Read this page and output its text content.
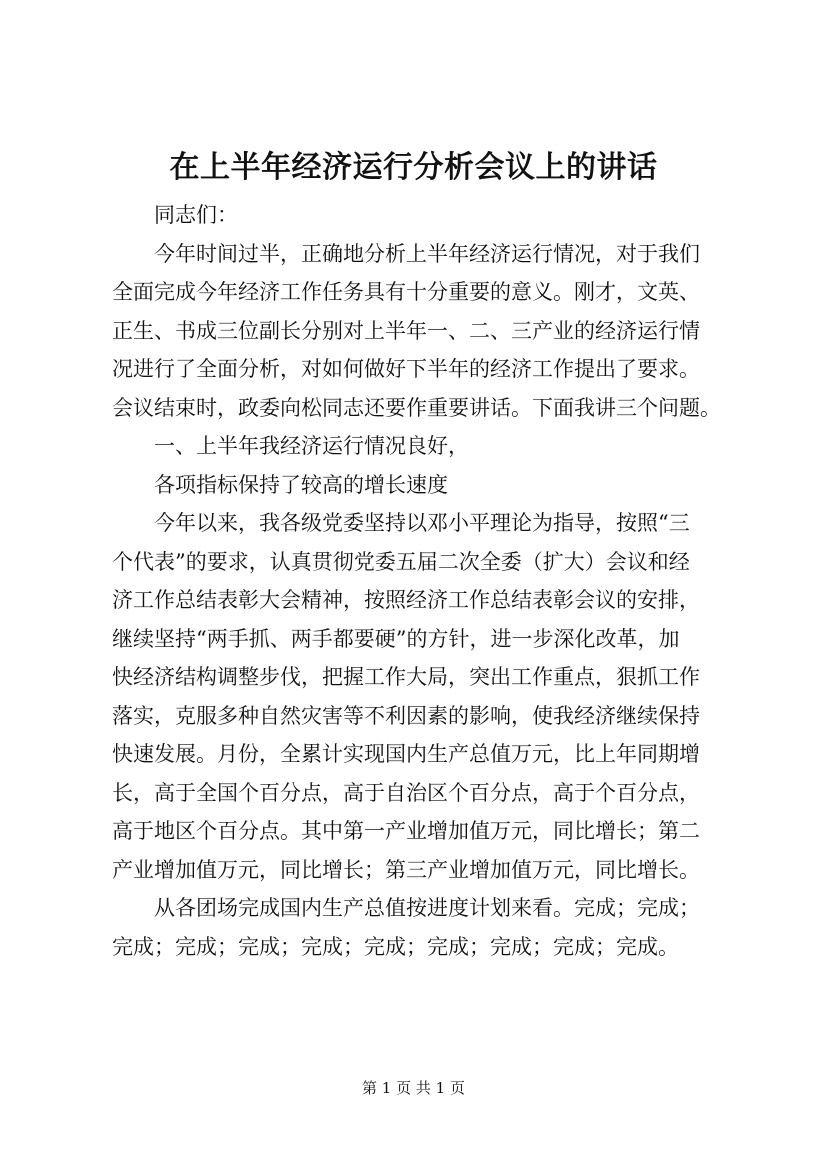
在上半年经济运行分析会议上的讲话
同志们：
今年时间过半，正确地分析上半年经济运行情况，对于我们
全面完成今年经济工作任务具有十分重要的意义。刚才，文英、
正生、书成三位副长分别对上半年一、二、三产业的经济运行情
况进行了全面分析，对如何做好下半年的经济工作提出了要求。
会议结束时，政委向松同志还要作重要讲话。下面我讲三个问题。
一、上半年我经济运行情况良好，
各项指标保持了较高的增长速度
今年以来，我各级党委坚持以邓小平理论为指导，按照“三
个代表”的要求，认真贯彻党委五届二次全委（扩大）会议和经
济工作总结表彰大会精神，按照经济工作总结表彰会议的安排，
继续坚持“两手抓、两手都要硬”的方针，进一步深化改革，加
快经济结构调整步伐，把握工作大局，突出工作重点，狠抓工作
落实，克服多种自然灾害等不利因素的影响，使我经济继续保持
快速发展。月份，全累计实现国内生产总值万元，比上年同期增
长，高于全国个百分点，高于自治区个百分点，高于个百分点，
高于地区个百分点。其中第一产业增加值万元，同比增长；第二
产业增加值万元，同比增长；第三产业增加值万元，同比增长。
从各团场完成国内生产总值按进度计划来看。完成；完成；
完成；完成；完成；完成；完成；完成；完成；完成；完成。
第 1 页 共 1 页
